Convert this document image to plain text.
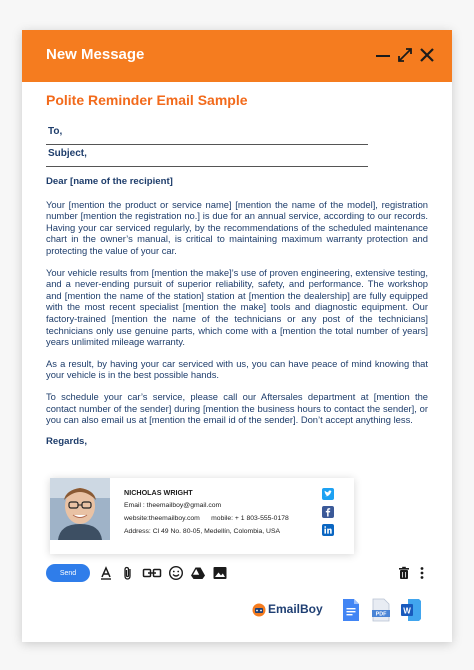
New Message
Polite Reminder Email Sample
To,
Subject,

Dear [name of the recipient]

Your [mention the product or service name] [mention the name of the model], registration number [mention the registration no.] is due for an annual service, according to our records. Having your car serviced regularly, by the recommendations of the scheduled maintenance chart in the owner’s manual, is critical to maintaining maximum warranty protection and protecting the value of your car.

Your vehicle results from [mention the make]’s use of proven engineering, extensive testing, and a never-ending pursuit of superior reliability, safety, and performance. The workshop and [mention the name of the station] station at [mention the dealership] are fully equipped with the most recent specialist [mention the make] tools and diagnostic equipment. Our factory-trained [mention the name of the technicians or any post of the technicians] technicians only use genuine parts, which come with a [mention the total number of years] years unlimited mileage warranty.

As a result, by having your car serviced with us, you can have peace of mind knowing that your vehicle is in the best possible hands.

To schedule your car’s service, please call our Aftersales department at [mention the contact number of the sender] during [mention the business hours to contact the sender], or you can also email us at [mention the email id of the sender]. Don’t accept anything less.

Regards,

NICHOLAS WRIGHT
Email : theemailboy@gmail.com
website:theemailboy.com      mobile: + 1 803-555-0178
Address: Cl 49 No. 80-05, Medellín, Colombia, USA
Send
EmailBoy	PDF W
